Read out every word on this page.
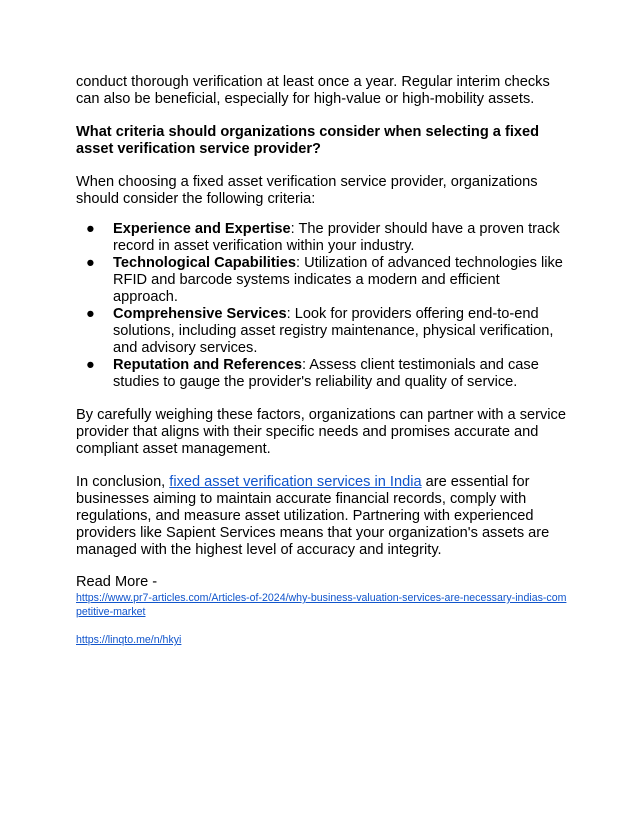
conduct thorough verification at least once a year. Regular interim checks can also be beneficial, especially for high-value or high-mobility assets.

What criteria should organizations consider when selecting a fixed asset verification service provider?

When choosing a fixed asset verification service provider, organizations should consider the following criteria:

● Experience and Expertise: The provider should have a proven track record in asset verification within your industry.
● Technological Capabilities: Utilization of advanced technologies like RFID and barcode systems indicates a modern and efficient approach.
● Comprehensive Services: Look for providers offering end-to-end solutions, including asset registry maintenance, physical verification, and advisory services.
● Reputation and References: Assess client testimonials and case studies to gauge the provider's reliability and quality of service.

By carefully weighing these factors, organizations can partner with a service provider that aligns with their specific needs and promises accurate and compliant asset management.

In conclusion, fixed asset verification services in India are essential for businesses aiming to maintain accurate financial records, comply with regulations, and measure asset utilization. Partnering with experienced providers like Sapient Services means that your organization's assets are managed with the highest level of accuracy and integrity.

Read More -

https://www.pr7-articles.com/Articles-of-2024/why-business-valuation-services-are-necessary-indias-competitive-market
https://linqto.me/n/hkyi
